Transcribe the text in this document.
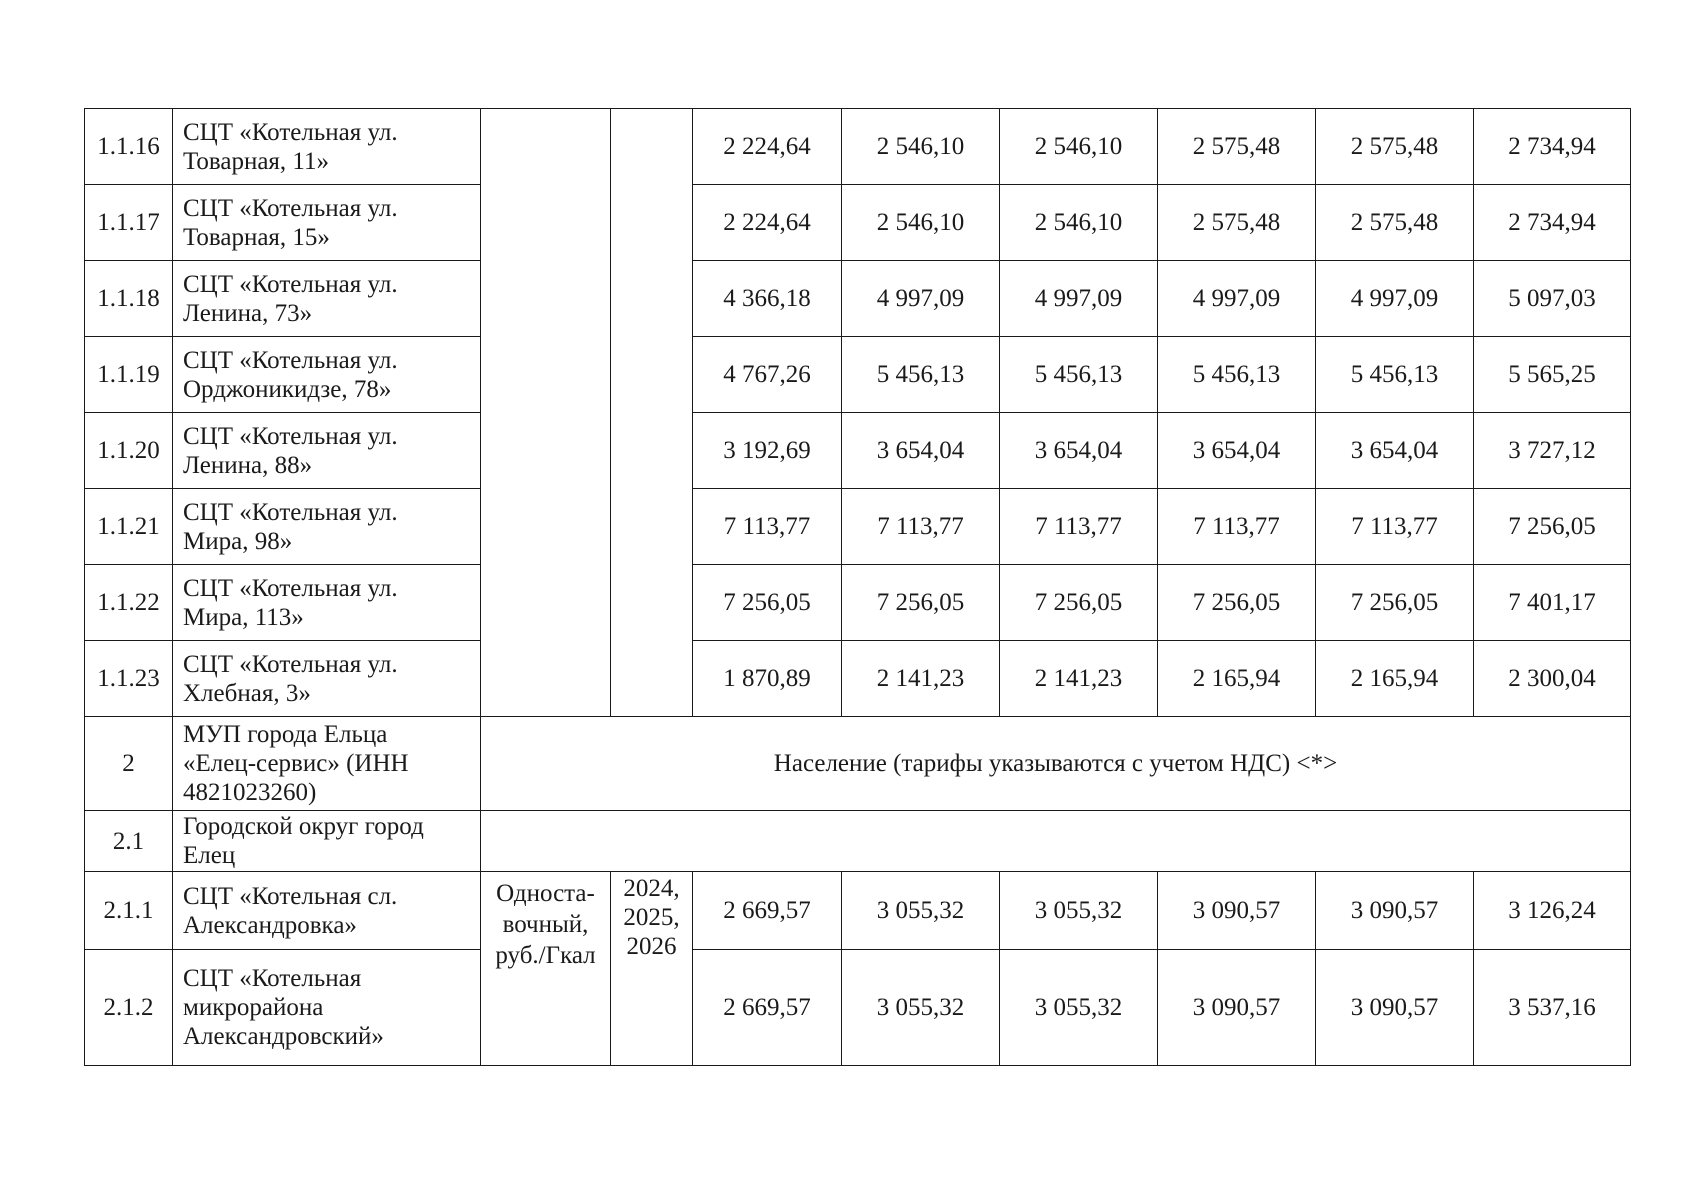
1.1.16	СЦТ «Котельная ул.
Товарная, 11»			2 224,64	2 546,10	2 546,10	2 575,48	2 575,48	2 734,94
1.1.17	СЦТ «Котельная ул.
Товарная, 15»			2 224,64	2 546,10	2 546,10	2 575,48	2 575,48	2 734,94
1.1.18	СЦТ «Котельная ул.
Ленина, 73»			4 366,18	4 997,09	4 997,09	4 997,09	4 997,09	5 097,03
1.1.19	СЦТ «Котельная ул.
Орджоникидзе, 78»			4 767,26	5 456,13	5 456,13	5 456,13	5 456,13	5 565,25
1.1.20	СЦТ «Котельная ул.
Ленина, 88»			3 192,69	3 654,04	3 654,04	3 654,04	3 654,04	3 727,12
1.1.21	СЦТ «Котельная ул.
Мира, 98»			7 113,77	7 113,77	7 113,77	7 113,77	7 113,77	7 256,05
1.1.22	СЦТ «Котельная ул.
Мира, 113»			7 256,05	7 256,05	7 256,05	7 256,05	7 256,05	7 401,17
1.1.23	СЦТ «Котельная ул.
Хлебная, 3»			1 870,89	2 141,23	2 141,23	2 165,94	2 165,94	2 300,04
2	МУП города Ельца
«Елец-сервис» (ИНН
4821023260)	Население (тарифы указываются с учетом НДС) <*>							
2.1	Городской округ город
Елец								
2.1.1	СЦТ «Котельная сл.
Александровка»	Односта-
вочный,
руб./Гкал	2024,
2025,
2026	2 669,57	3 055,32	3 055,32	3 090,57	3 090,57	3 126,24
2.1.2	СЦТ «Котельная
микрорайона
Александровский»			2 669,57	3 055,32	3 055,32	3 090,57	3 090,57	3 537,16
